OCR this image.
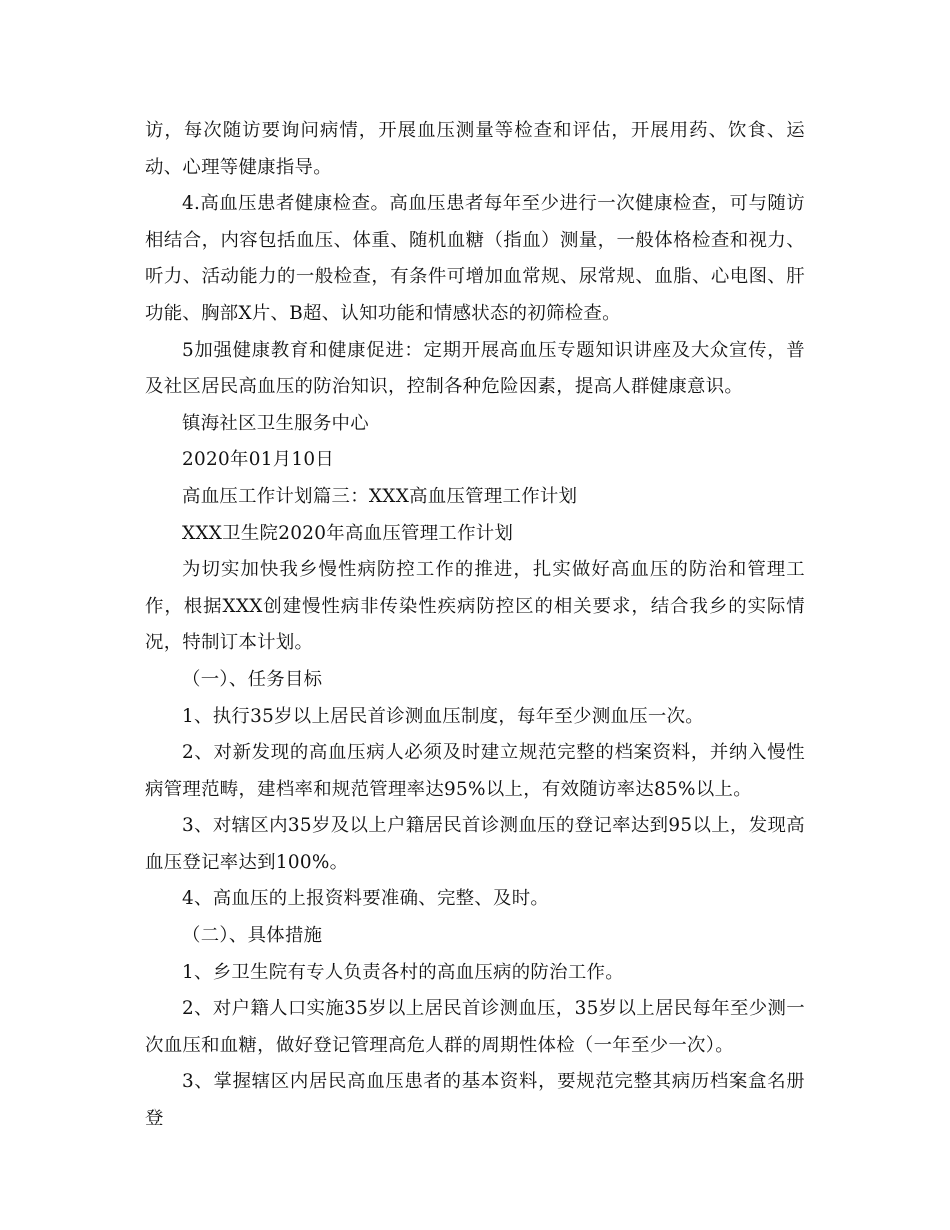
访，每次随访要询问病情，开展血压测量等检查和评估，开展用药、饮食、运动、心理等健康指导。

4.高血压患者健康检查。高血压患者每年至少进行一次健康检查，可与随访相结合，内容包括血压、体重、随机血糖（指血）测量，一般体格检查和视力、听力、活动能力的一般检查，有条件可增加血常规、尿常规、血脂、心电图、肝功能、胸部X片、B超、认知功能和情感状态的初筛检查。

5加强健康教育和健康促进：定期开展高血压专题知识讲座及大众宣传，普及社区居民高血压的防治知识，控制各种危险因素，提高人群健康意识。

镇海社区卫生服务中心

2020年01月10日

高血压工作计划篇三：XXX高血压管理工作计划

XXX卫生院2020年高血压管理工作计划

为切实加快我乡慢性病防控工作的推进，扎实做好高血压的防治和管理工作，根据XXX创建慢性病非传染性疾病防控区的相关要求，结合我乡的实际情况，特制订本计划。

（一）、任务目标

1、执行35岁以上居民首诊测血压制度，每年至少测血压一次。

2、对新发现的高血压病人必须及时建立规范完整的档案资料，并纳入慢性病管理范畴，建档率和规范管理率达95%以上，有效随访率达85%以上。

3、对辖区内35岁及以上户籍居民首诊测血压的登记率达到95以上，发现高血压登记率达到100%。

4、高血压的上报资料要准确、完整、及时。

（二）、具体措施

1、乡卫生院有专人负责各村的高血压病的防治工作。

2、对户籍人口实施35岁以上居民首诊测血压，35岁以上居民每年至少测一次血压和血糖，做好登记管理高危人群的周期性体检（一年至少一次）。

3、掌握辖区内居民高血压患者的基本资料，要规范完整其病历档案盒名册登
